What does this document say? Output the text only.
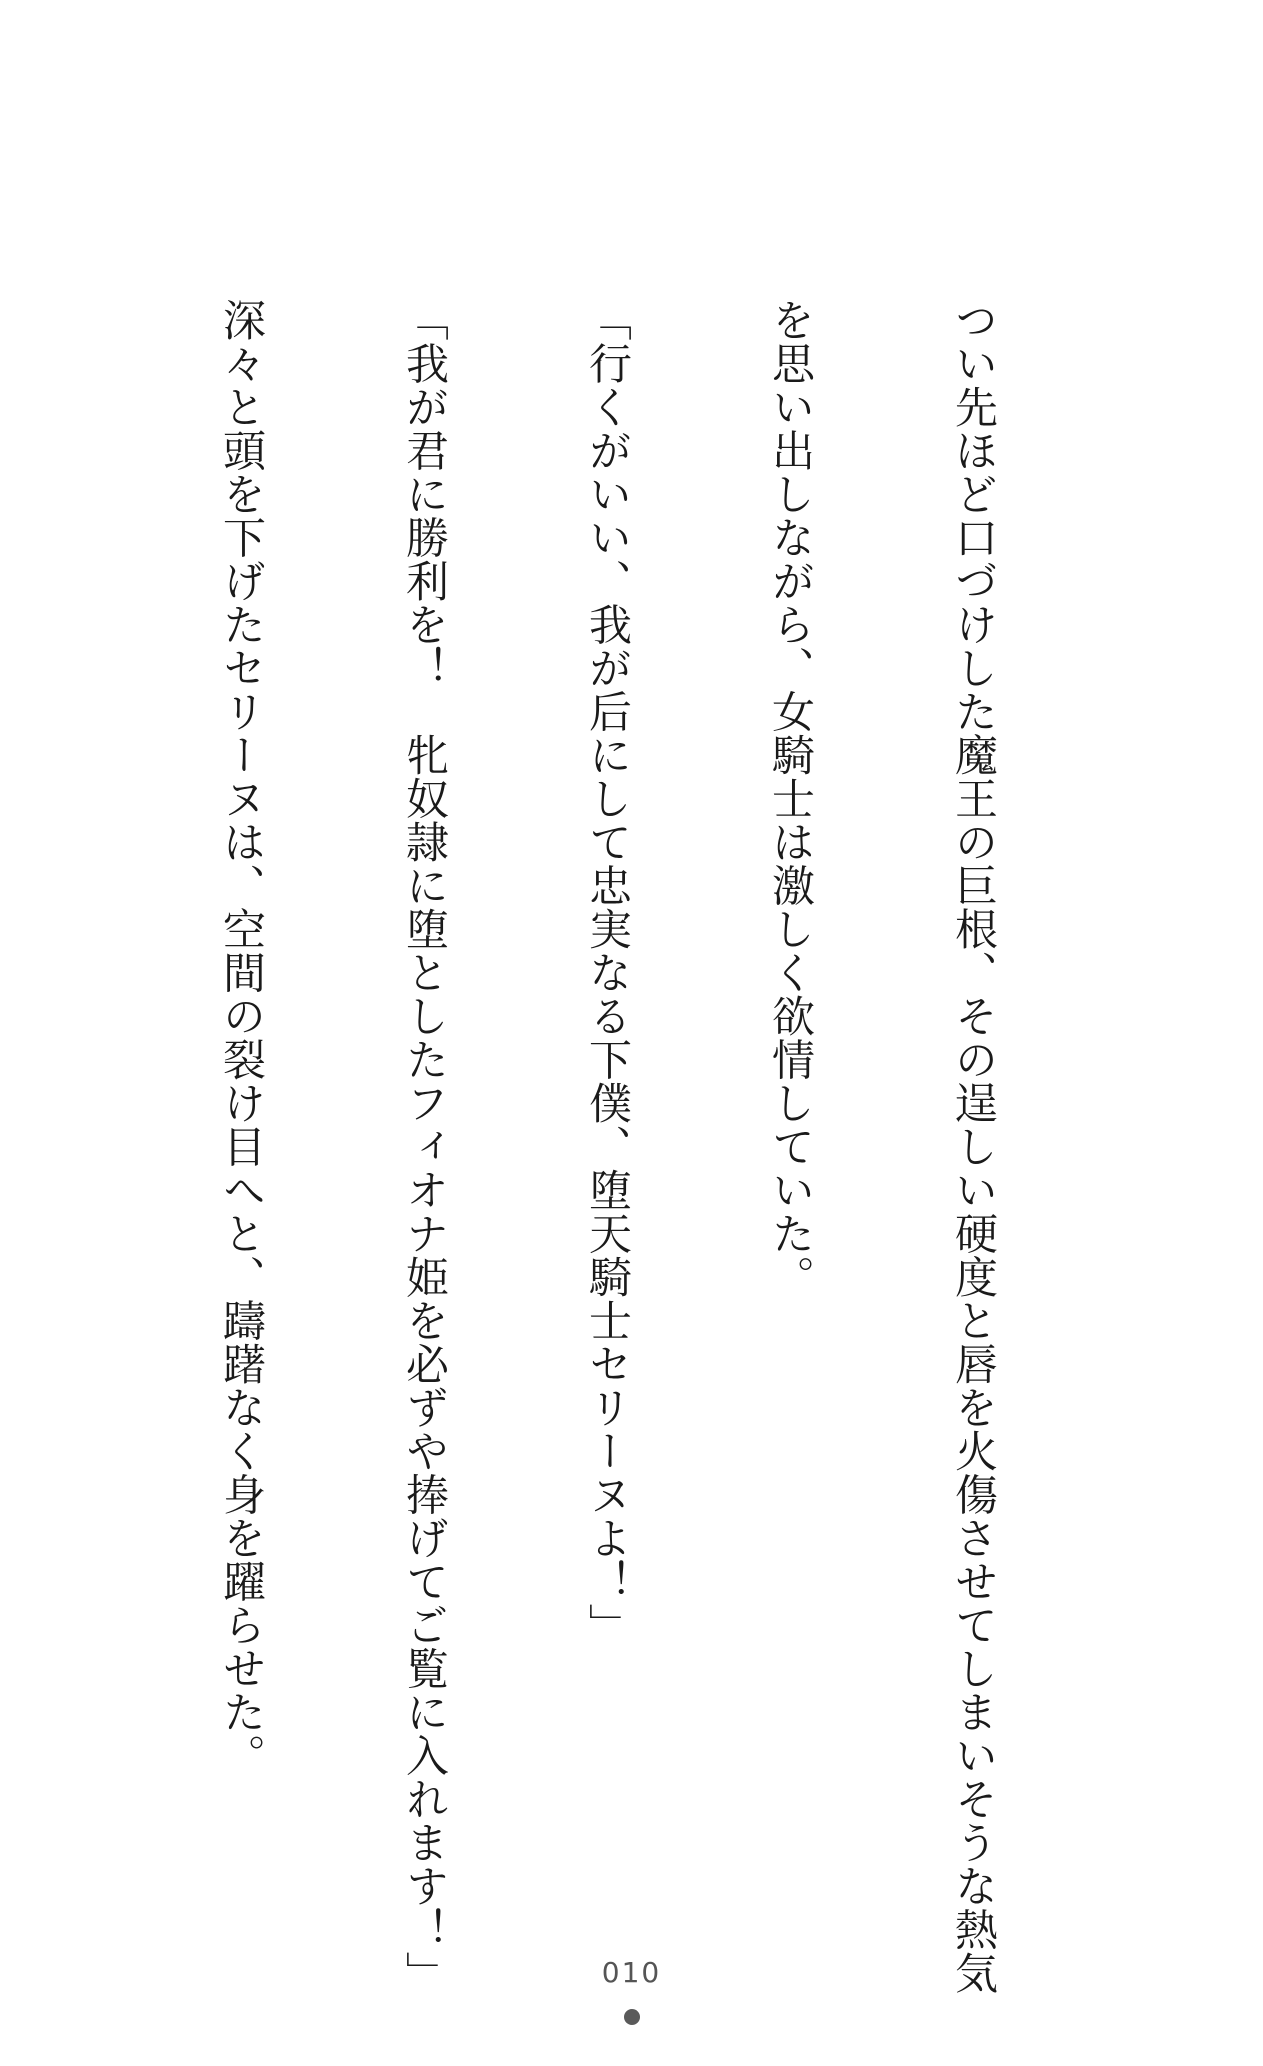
つい先ほど口づけした魔王の巨根、その逞しい硬度と唇を火傷させてしまいそうな熱気

を思い出しながら、女騎士は激しく欲情していた。

「行くがいい、我が后にして忠実なる下僕、堕天騎士セリーヌよ！」

「我が君に勝利を！　牝奴隷に堕としたフィオナ姫を必ずや捧げてご覧に入れます！」

深々と頭を下げたセリーヌは、空間の裂け目へと、躊躇なく身を躍らせた。

010
